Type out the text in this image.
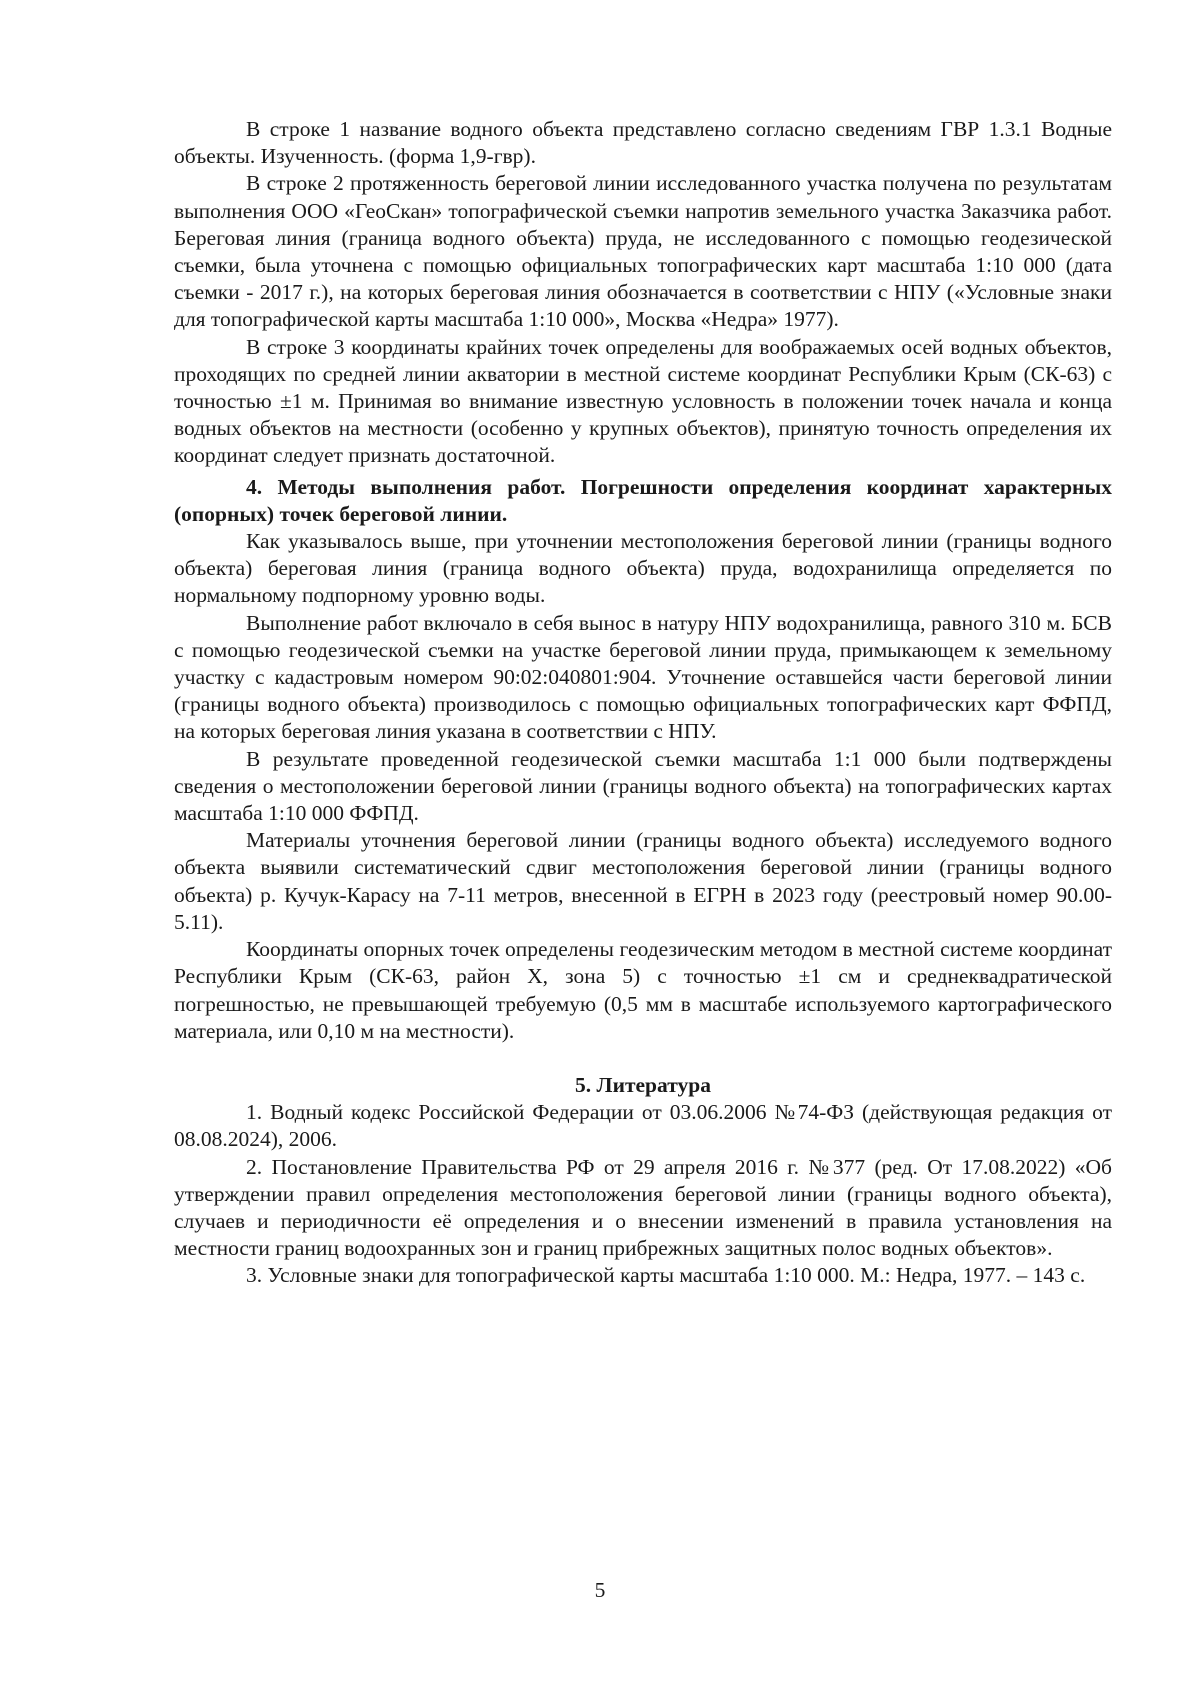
В строке 1 название водного объекта представлено согласно сведениям ГВР 1.3.1 Водные объекты. Изученность. (форма 1,9-гвр).

В строке 2 протяженность береговой линии исследованного участка получена по результатам выполнения ООО «ГеоСкан» топографической съемки напротив земельного участка Заказчика работ. Береговая линия (граница водного объекта) пруда, не исследованного с помощью геодезической съемки, была уточнена с помощью официальных топографических карт масштаба 1:10 000 (дата съемки - 2017 г.), на которых береговая линия обозначается в соответствии с НПУ («Условные знаки для топографической карты масштаба 1:10 000», Москва «Недра» 1977).

В строке 3 координаты крайних точек определены для воображаемых осей водных объектов, проходящих по средней линии акватории в местной системе координат Республики Крым (СК-63) с точностью ±1 м. Принимая во внимание известную условность в положении точек начала и конца водных объектов на местности (особенно у крупных объектов), принятую точность определения их координат следует признать достаточной.

4. Методы выполнения работ. Погрешности определения координат характерных (опорных) точек береговой линии.

Как указывалось выше, при уточнении местоположения береговой линии (границы водного объекта) береговая линия (граница водного объекта) пруда, водохранилища определяется по нормальному подпорному уровню воды.

Выполнение работ включало в себя вынос в натуру НПУ водохранилища, равного 310 м. БСВ с помощью геодезической съемки на участке береговой линии пруда, примыкающем к земельному участку с кадастровым номером 90:02:040801:904. Уточнение оставшейся части береговой линии (границы водного объекта) производилось с помощью официальных топографических карт ФФПД, на которых береговая линия указана в соответствии с НПУ.

В результате проведенной геодезической съемки масштаба 1:1 000 были подтверждены сведения о местоположении береговой линии (границы водного объекта) на топографических картах масштаба 1:10 000 ФФПД.

Материалы уточнения береговой линии (границы водного объекта) исследуемого водного объекта выявили систематический сдвиг местоположения береговой линии (границы водного объекта) р. Кучук-Карасу на 7-11 метров, внесенной в ЕГРН в 2023 году (реестровый номер 90.00-5.11).

Координаты опорных точек определены геодезическим методом в местной системе координат Республики Крым (СК-63, район X, зона 5) с точностью ±1 см и среднеквадратической погрешностью, не превышающей требуемую (0,5 мм в масштабе используемого картографического материала, или 0,10 м на местности).

5. Литература

1. Водный кодекс Российской Федерации от 03.06.2006 №74-ФЗ (действующая редакция от 08.08.2024), 2006.

2. Постановление Правительства РФ от 29 апреля 2016 г. №377 (ред. От 17.08.2022) «Об утверждении правил определения местоположения береговой линии (границы водного объекта), случаев и периодичности её определения и о внесении изменений в правила установления на местности границ водоохранных зон и границ прибрежных защитных полос водных объектов».

3. Условные знаки для топографической карты масштаба 1:10 000. М.: Недра, 1977. – 143 с.

5
